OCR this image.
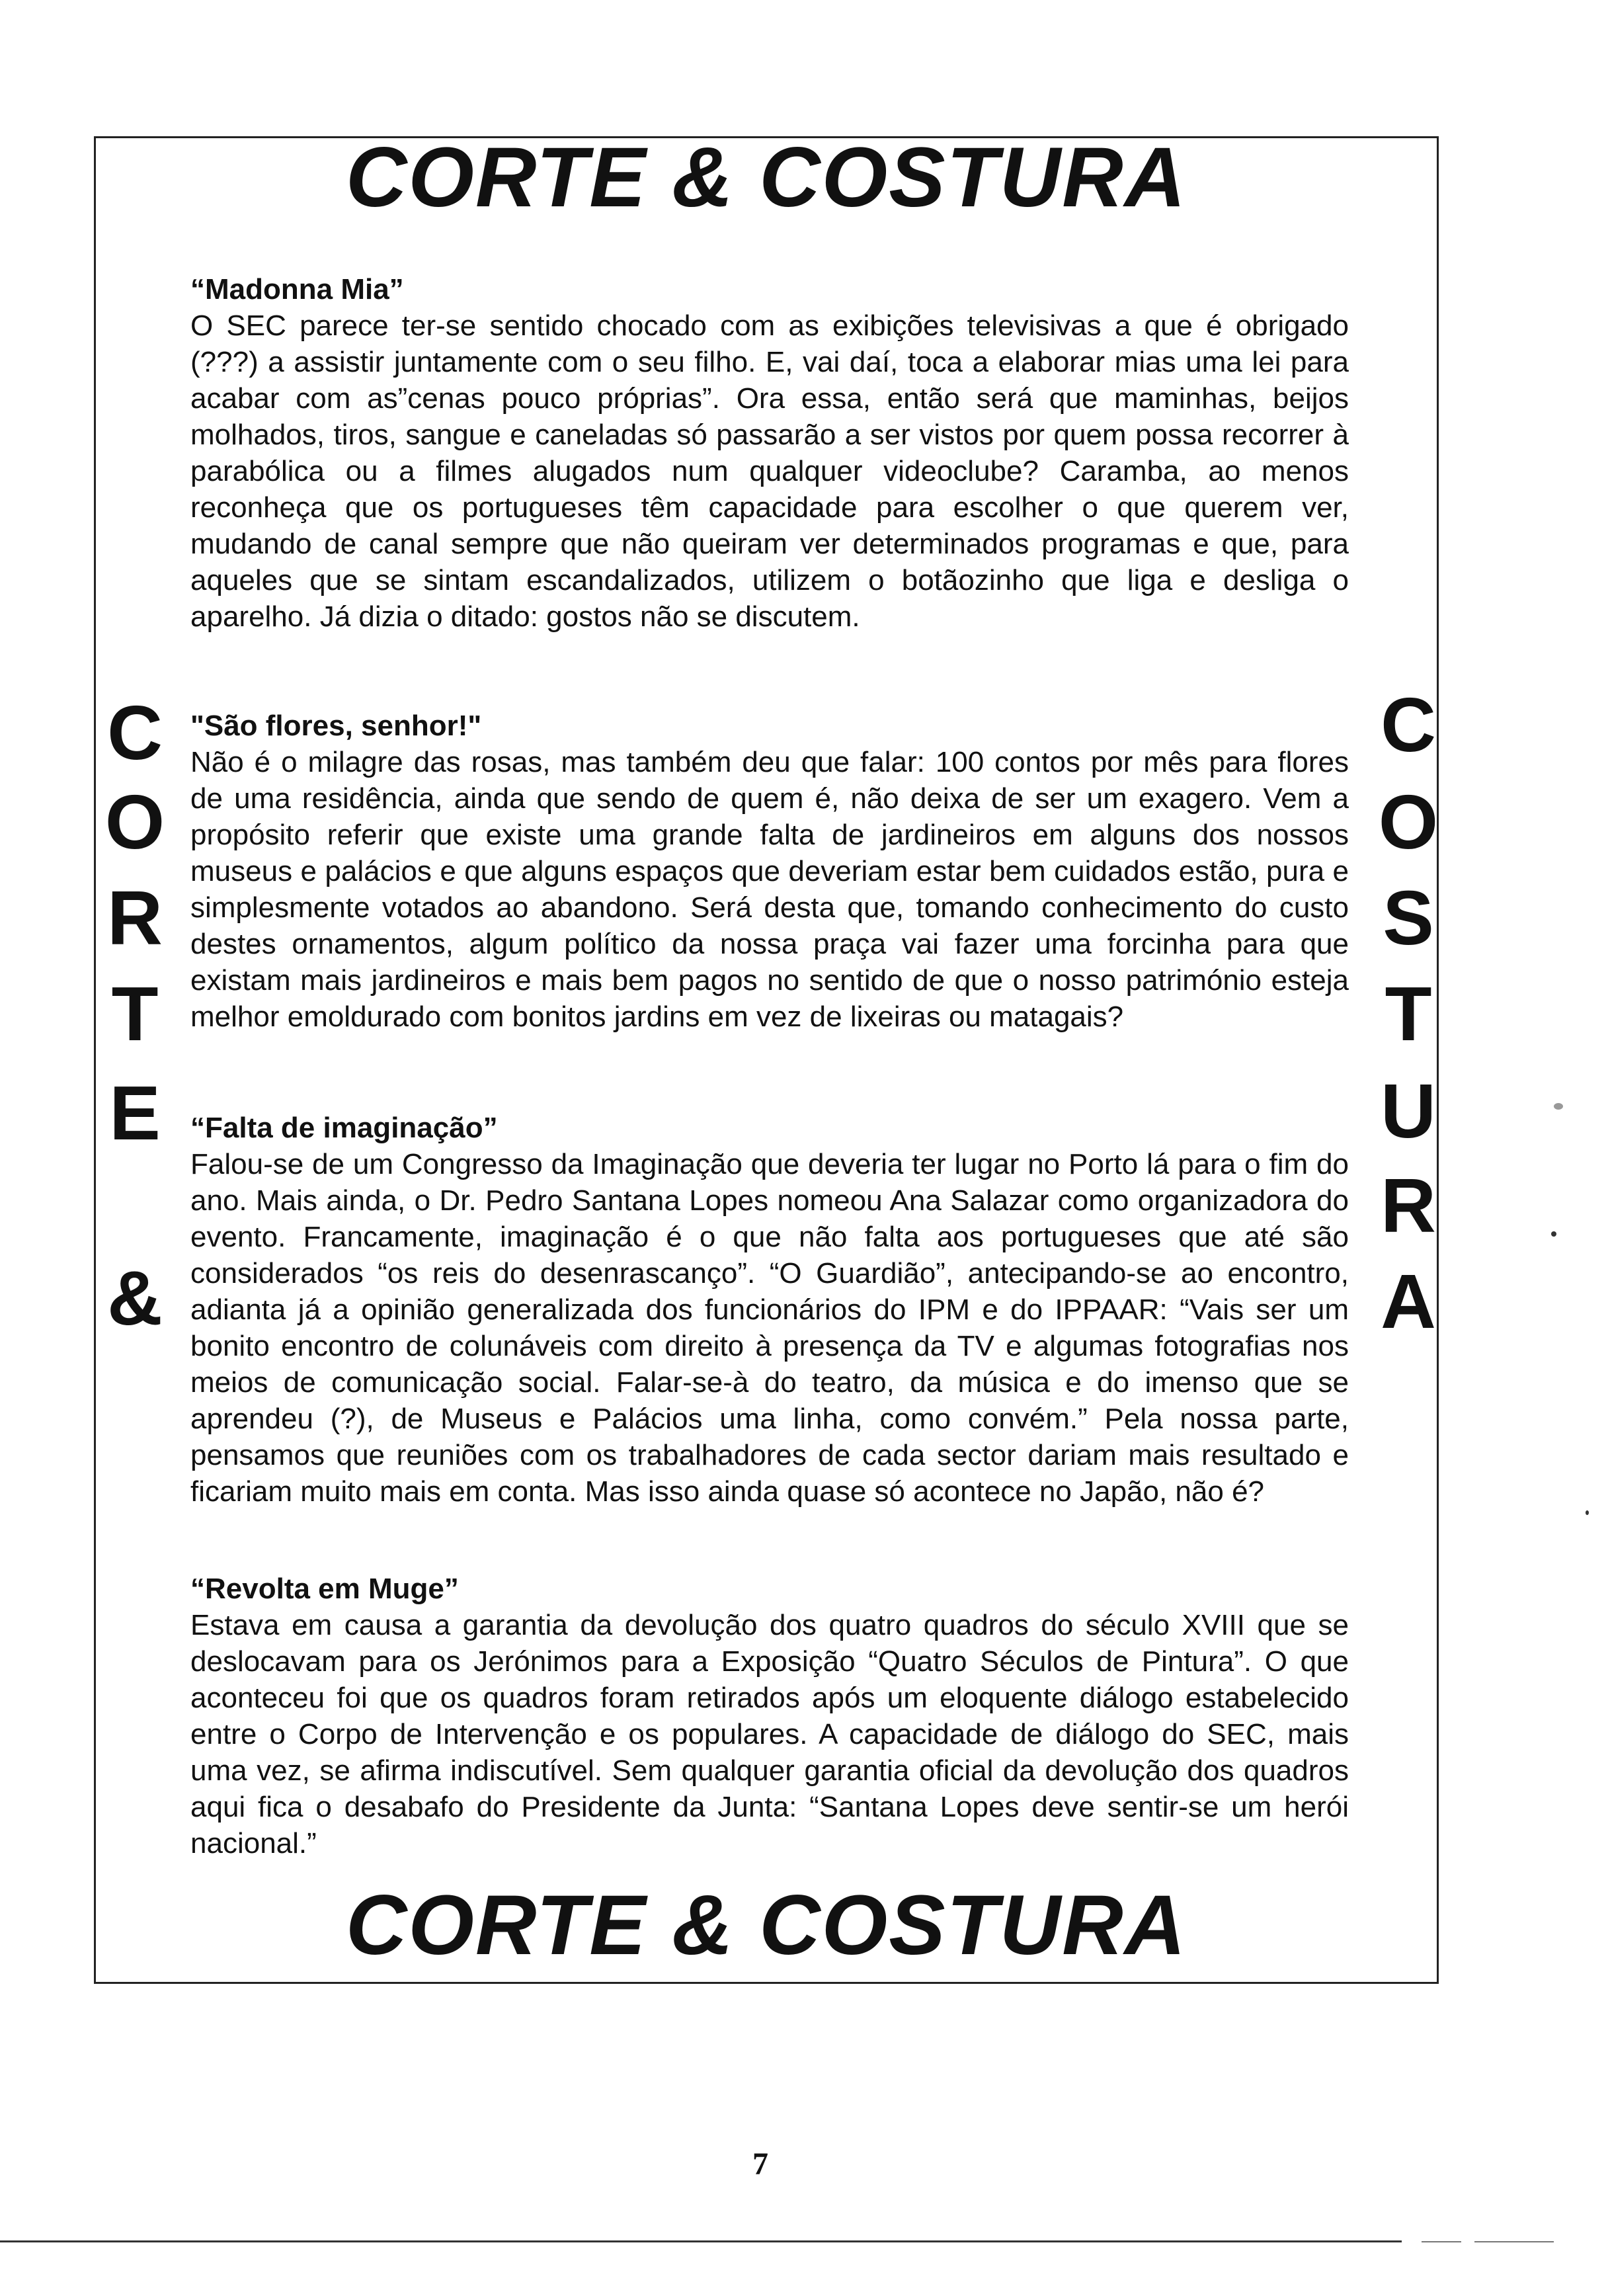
CORTE & COSTURA
C
O
R
T
E
&
C
O
S
T
U
R
A

“Madonna Mia”

O SEC parece ter-se sentido chocado com as exibições televisivas a que é obrigado (???) a assistir juntamente com o seu filho. E, vai daí, toca a elaborar mias uma lei para acabar com as”cenas pouco próprias”. Ora essa, então será que maminhas, beijos molhados, tiros, sangue e caneladas só passarão a ser vistos por quem possa recorrer à parabólica ou a filmes alugados num qualquer videoclube? Caramba, ao menos reconheça que os portugueses têm capacidade para escolher o que querem ver, mudando de canal sempre que não queiram ver determinados programas e que, para aqueles que se sintam escandalizados, utilizem o botãozinho que liga e desliga o aparelho. Já dizia o ditado: gostos não se discutem.

"São flores, senhor!"

Não é o milagre das rosas, mas também deu que falar: 100 contos por mês para flores de uma residência, ainda que sendo de quem é, não deixa de ser um exagero. Vem a propósito referir que existe uma grande falta de jardineiros em alguns dos nossos museus e palácios e que alguns espaços que deveriam estar bem cuidados estão, pura e simplesmente votados ao abandono. Será desta que, tomando conhecimento do custo destes ornamentos, algum político da nossa praça vai fazer uma forcinha para que existam mais jardineiros e mais bem pagos no sentido de que o nosso património esteja melhor emoldurado com bonitos jardins em vez de lixeiras ou matagais?

“Falta de imaginação”

Falou-se de um Congresso da Imaginação que deveria ter lugar no Porto lá para o fim do ano. Mais ainda, o Dr. Pedro Santana Lopes nomeou Ana Salazar como organizadora do evento. Francamente, imaginação é o que não falta aos portugueses que até são considerados “os reis do desenrascanço”. “O Guardião”, antecipando-se ao encontro, adianta já a opinião generalizada dos funcionários do IPM e do IPPAAR: “Vais ser um bonito encontro de colunáveis com direito à presença da TV e algumas fotografias nos meios de comunicação social. Falar-se-à do teatro, da música e do imenso que se aprendeu (?), de Museus e Palácios uma linha, como convém.” Pela nossa parte, pensamos que reuniões com os trabalhadores de cada sector dariam mais resultado e ficariam muito mais em conta. Mas isso ainda quase só acontece no Japão, não é?

“Revolta em Muge”

Estava em causa a garantia da devolução dos quatro quadros do século XVIII que se deslocavam para os Jerónimos para a Exposição “Quatro Séculos de Pintura”. O que aconteceu foi que os quadros foram retirados após um eloquente diálogo estabelecido entre o Corpo de Intervenção e os populares. A capacidade de diálogo do SEC, mais uma vez, se afirma indiscutível. Sem qualquer garantia oficial da devolução dos quadros aqui fica o desabafo do Presidente da Junta: “Santana Lopes deve sentir-se um herói nacional.”

CORTE & COSTURA
7
